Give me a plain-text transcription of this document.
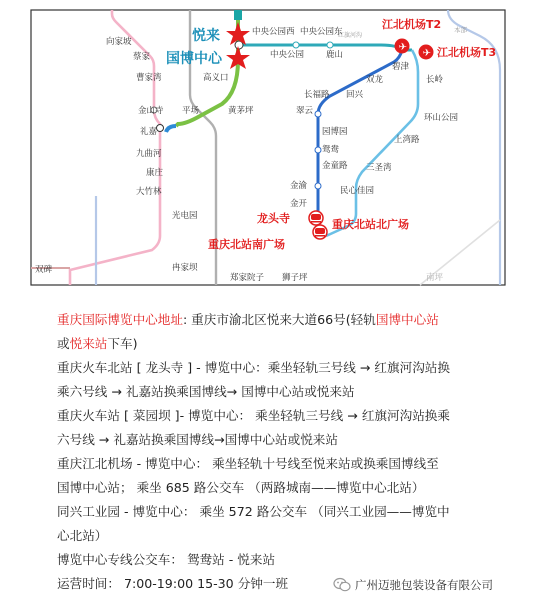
✈
✈
悦来
国博中心
江北机场T2
江北机场T3
龙头寺	重庆北站北广场
重庆北站南广场
中央公园西 中央公园东
中央公园	鹿山
高义口
向家坡
蔡家
曹家湾
金山寺 平场	黄茅坪
礼嘉
九曲河
康庄
大竹林
光电园
冉家坝
双碑
碧津
双龙
回兴
长福路
翠云
园博园
鸳鸯
金童路
金渝
金开
红旗河沟
长岭
本部
环山公园
上湾路
三圣湾
民心佳园
郑家院子 狮子坪	南坪

重庆国际博览中心地址: 重庆市渝北区悦来大道66号(轻轨国博中心站

或悦来站下车)

重庆火车北站 [ 龙头寺 ] - 博览中心：乘坐轻轨三号线 → 红旗河沟站换

乘六号线 → 礼嘉站换乘国博线→ 国博中心站或悦来站

重庆火车站 [ 菜园坝 ]- 博览中心： 乘坐轻轨三号线 → 红旗河沟站换乘

六号线 → 礼嘉站换乘国博线→国博中心站或悦来站

重庆江北机场 - 博览中心： 乘坐轻轨十号线至悦来站或换乘国博线至

国博中心站； 乘坐 685 路公交车 （两路城南——博览中心北站）

同兴工业园 - 博览中心： 乘坐 572 路公交车 （同兴工业园——博览中

心北站）

博览中心专线公交车： 鸳鸯站 - 悦来站

运营时间： 7:00-19:00 15-30 分钟一班	广州迈驰包装设备有限公司
